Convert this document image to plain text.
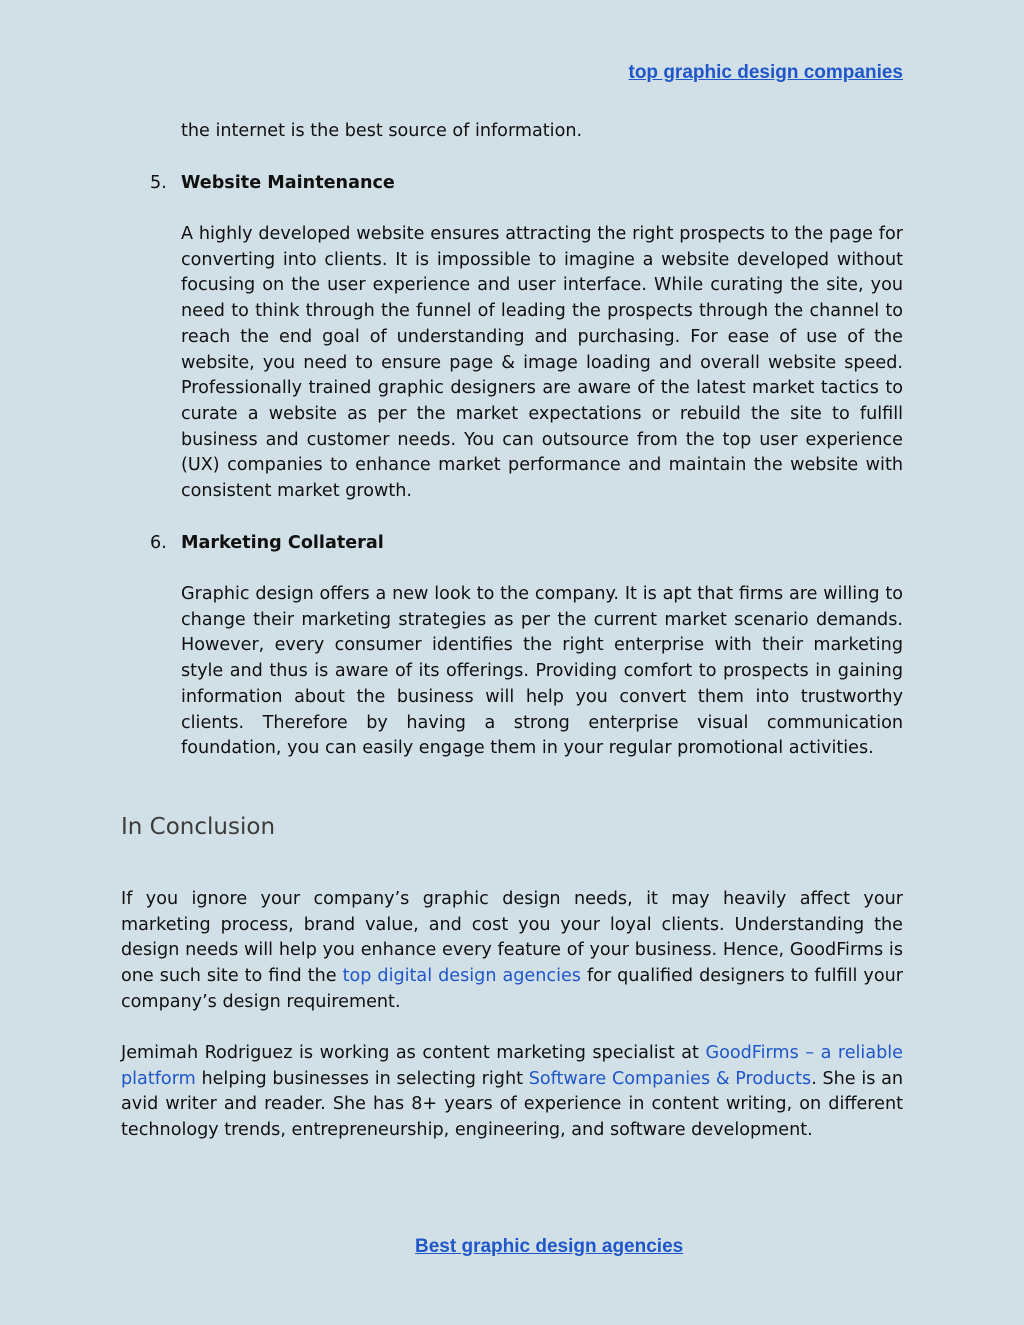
top graphic design companies

the internet is the best source of information.

5. Website Maintenance

A highly developed website ensures attracting the right prospects to the page for converting into clients. It is impossible to imagine a website developed without focusing on the user experience and user interface. While curating the site, you need to think through the funnel of leading the prospects through the channel to reach the end goal of understanding and purchasing. For ease of use of the website, you need to ensure page & image loading and overall website speed. Professionally trained graphic designers are aware of the latest market tactics to curate a website as per the market expectations or rebuild the site to fulfill business and customer needs. You can outsource from the top user experience (UX) companies to enhance market performance and maintain the website with consistent market growth.

6. Marketing Collateral

Graphic design offers a new look to the company. It is apt that firms are willing to change their marketing strategies as per the current market scenario demands. However, every consumer identifies the right enterprise with their marketing style and thus is aware of its offerings. Providing comfort to prospects in gaining information about the business will help you convert them into trustworthy clients. Therefore by having a strong enterprise visual communication foundation, you can easily engage them in your regular promotional activities.

In Conclusion

If you ignore your company’s graphic design needs, it may heavily affect your marketing process, brand value, and cost you your loyal clients. Understanding the design needs will help you enhance every feature of your business. Hence, GoodFirms is one such site to find the top digital design agencies for qualified designers to fulfill your company’s design requirement.

Jemimah Rodriguez is working as content marketing specialist at GoodFirms – a reliable platform helping businesses in selecting right Software Companies & Products. She is an avid writer and reader. She has 8+ years of experience in content writing, on different technology trends, entrepreneurship, engineering, and software development.

Best graphic design agencies
